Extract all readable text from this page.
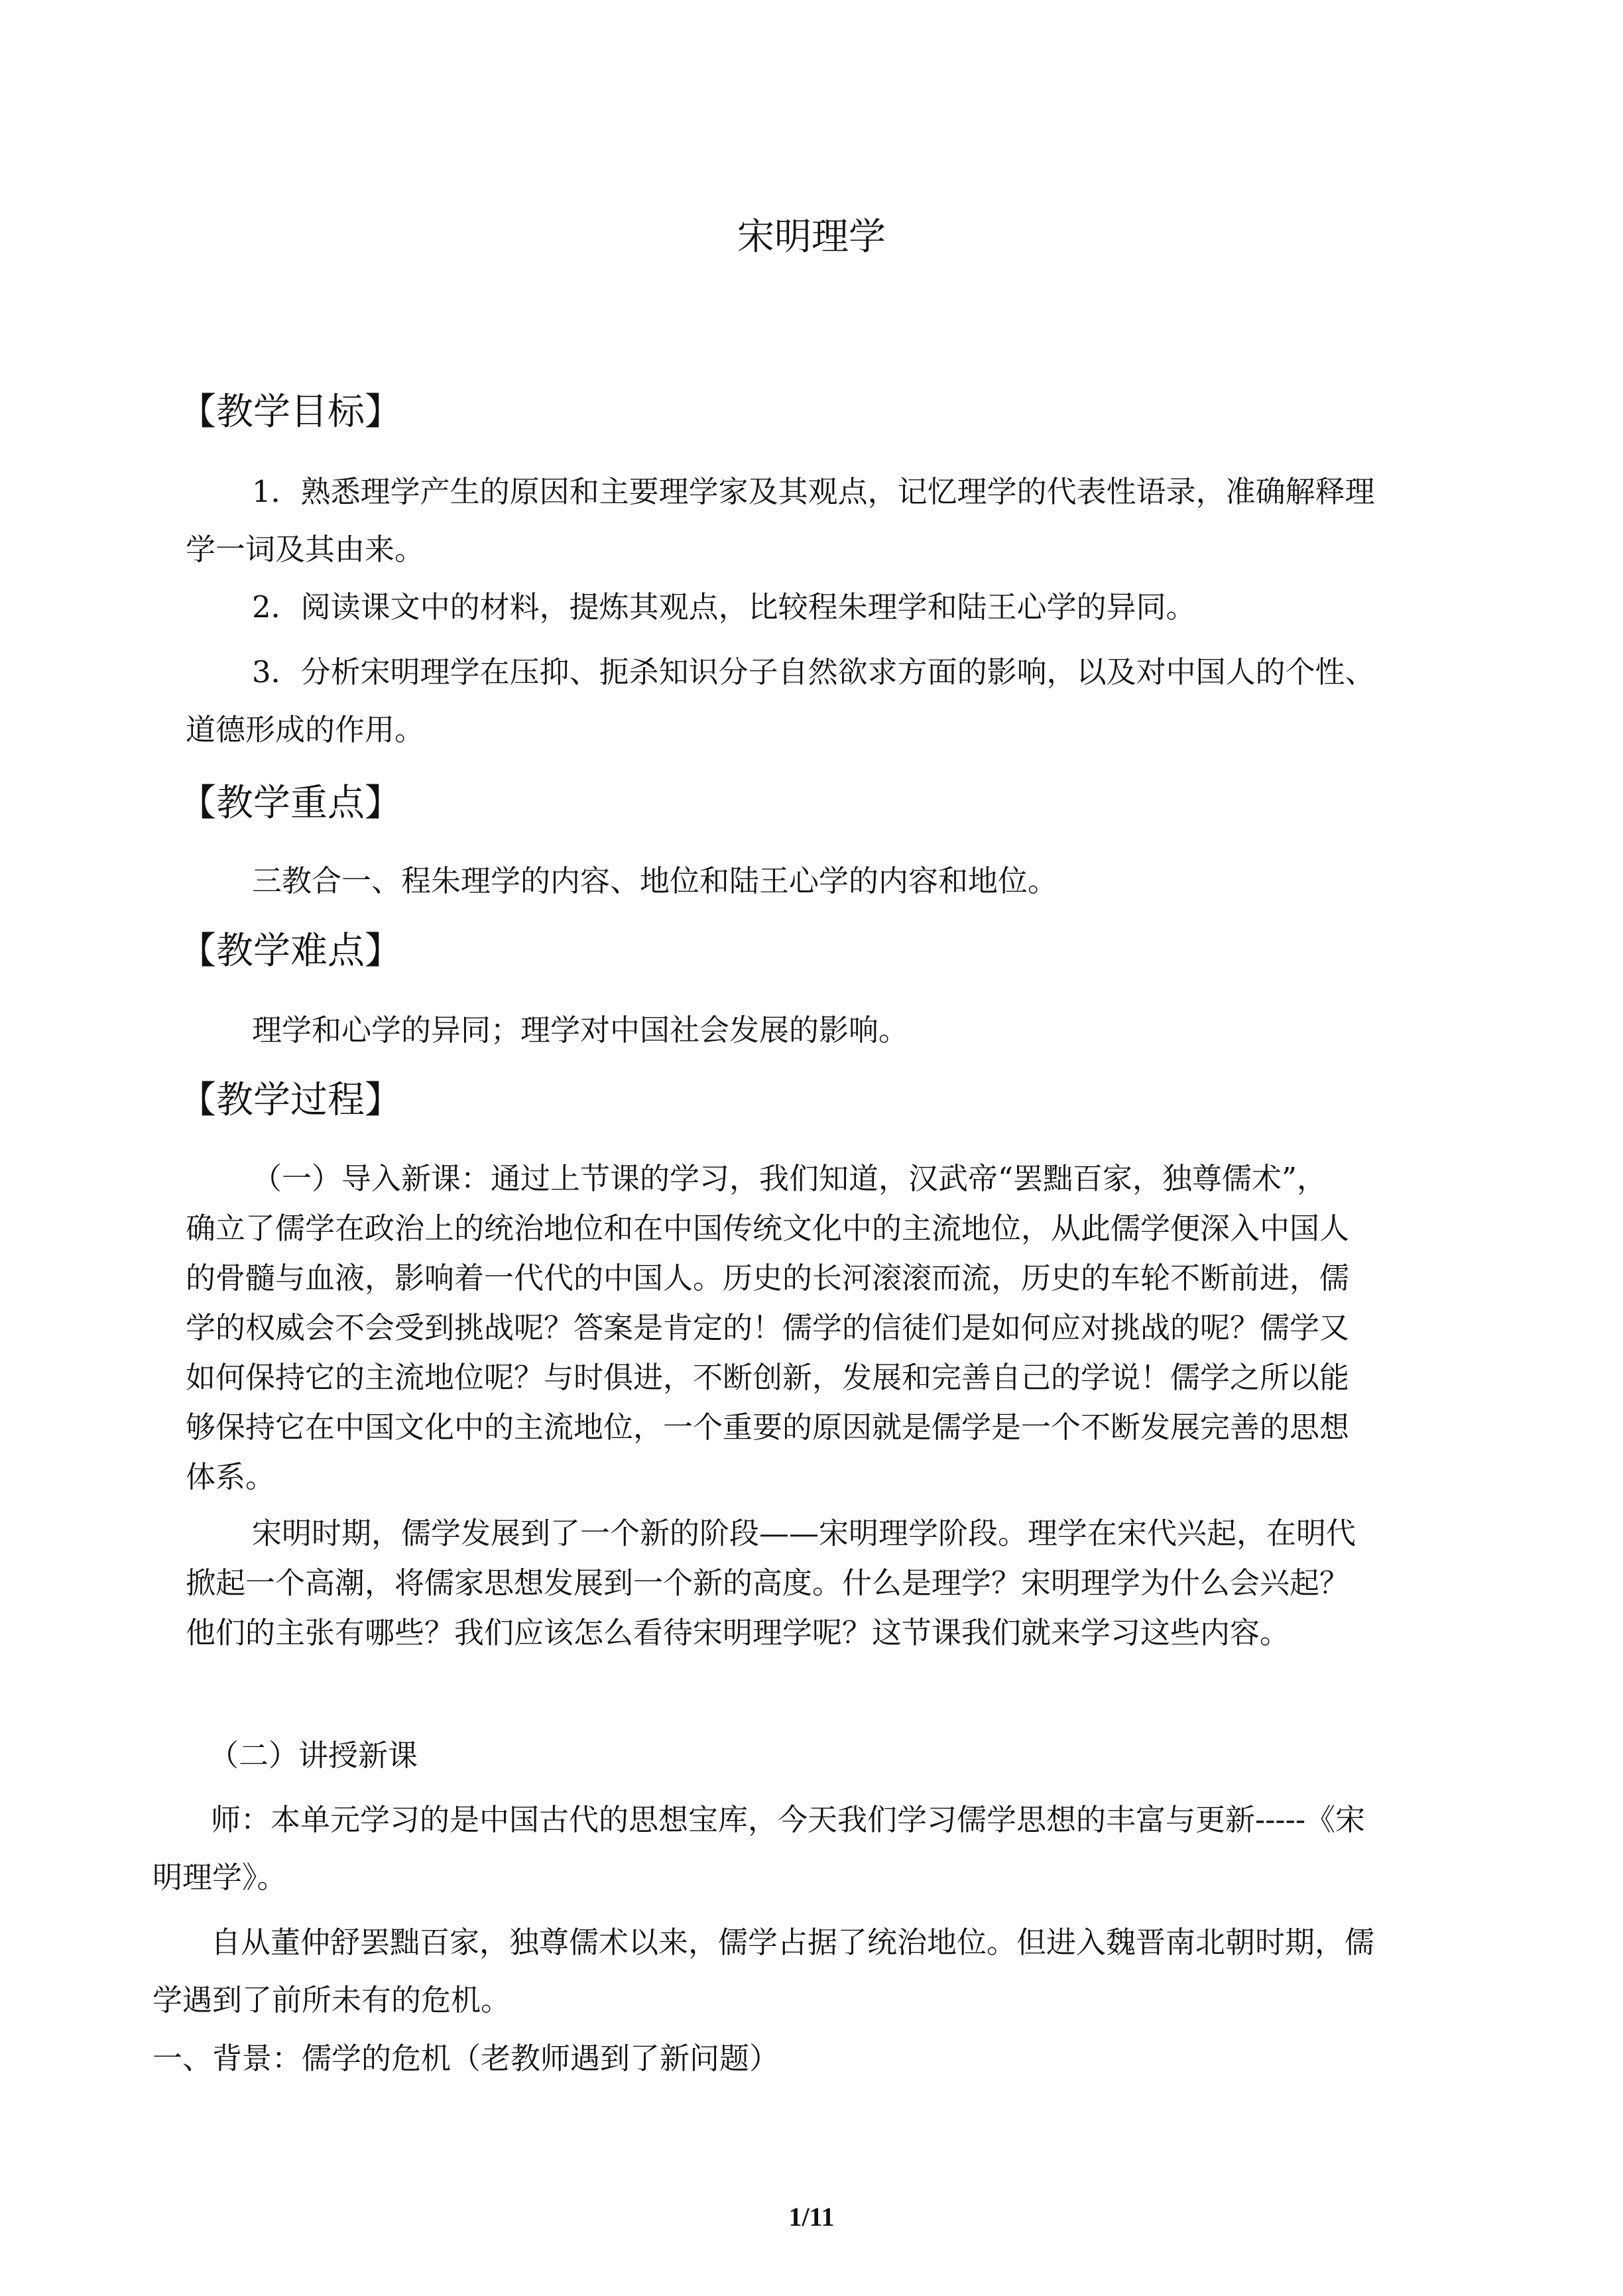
宋明理学
【教学目标】

1．熟悉理学产生的原因和主要理学家及其观点，记忆理学的代表性语录，准确解释理

学一词及其由来。

2．阅读课文中的材料，提炼其观点，比较程朱理学和陆王心学的异同。

3．分析宋明理学在压抑、扼杀知识分子自然欲求方面的影响，以及对中国人的个性、

道德形成的作用。

【教学重点】

三教合一、程朱理学的内容、地位和陆王心学的内容和地位。

【教学难点】

理学和心学的异同；理学对中国社会发展的影响。

【教学过程】

（一）导入新课：通过上节课的学习，我们知道，汉武帝“罢黜百家，独尊儒术”，

确立了儒学在政治上的统治地位和在中国传统文化中的主流地位，从此儒学便深入中国人

的骨髓与血液，影响着一代代的中国人。历史的长河滚滚而流，历史的车轮不断前进，儒

学的权威会不会受到挑战呢？答案是肯定的！儒学的信徒们是如何应对挑战的呢？儒学又

如何保持它的主流地位呢？与时俱进，不断创新，发展和完善自己的学说！儒学之所以能

够保持它在中国文化中的主流地位，一个重要的原因就是儒学是一个不断发展完善的思想

体系。

宋明时期，儒学发展到了一个新的阶段——宋明理学阶段。理学在宋代兴起，在明代

掀起一个高潮，将儒家思想发展到一个新的高度。什么是理学？宋明理学为什么会兴起？

他们的主张有哪些？我们应该怎么看待宋明理学呢？这节课我们就来学习这些内容。

（二）讲授新课

师：本单元学习的是中国古代的思想宝库，今天我们学习儒学思想的丰富与更新-----《宋

明理学》。

自从董仲舒罢黜百家，独尊儒术以来，儒学占据了统治地位。但进入魏晋南北朝时期，儒

学遇到了前所未有的危机。

一、背景：儒学的危机（老教师遇到了新问题）

1/11
